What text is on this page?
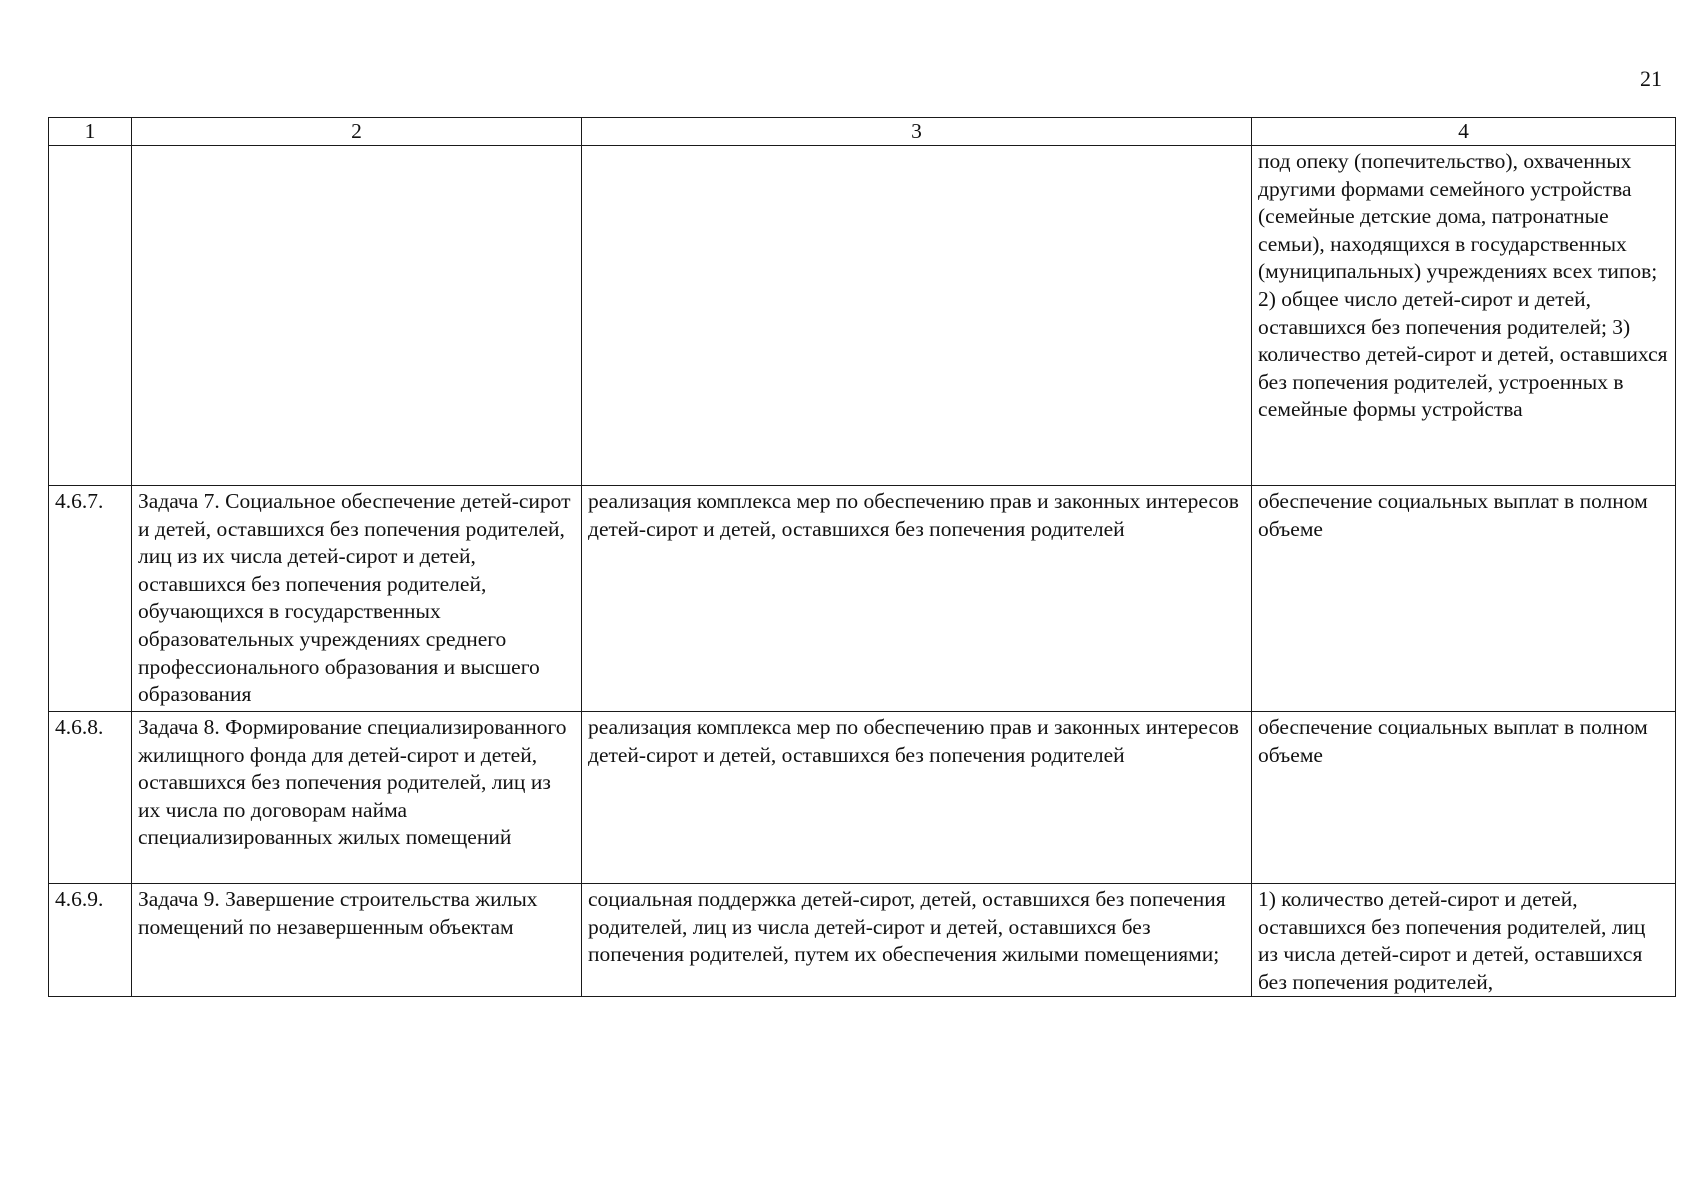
21
1	2	3	4
			под опеку (попечительство), охваченных другими формами семейного устройства (семейные детские дома, патронатные семьи), находящихся в государственных (муниципальных) учреждениях всех типов; 2) общее число детей-сирот и детей, оставшихся без попечения родителей; 3) количество детей-сирот и детей, оставшихся без попечения родителей, устроенных в семейные формы устройства
4.6.7.	Задача 7. Социальное обеспечение детей-сирот и детей, оставшихся без попечения родителей, лиц из их числа детей-сирот и детей, оставшихся без попечения родителей, обучающихся в государственных образовательных учреждениях среднего профессионального образования и высшего образования	реализация комплекса мер по обеспечению прав и законных интересов детей-сирот и детей, оставшихся без попечения родителей	обеспечение социальных выплат в полном объеме
4.6.8.	Задача 8. Формирование специализированного жилищного фонда для детей-сирот и детей, оставшихся без попечения родителей, лиц из их числа по договорам найма специализированных жилых помещений	реализация комплекса мер по обеспечению прав и законных интересов детей-сирот и детей, оставшихся без попечения родителей	обеспечение социальных выплат в полном объеме
4.6.9.	Задача 9. Завершение строительства жилых помещений по незавершенным объектам	социальная поддержка детей-сирот, детей, оставшихся без попечения родителей, лиц из числа детей-сирот и детей, оставшихся без попечения родителей, путем их обеспечения жилыми помещениями;	1) количество детей-сирот и детей, оставшихся без попечения родителей, лиц из числа детей-сирот и детей, оставшихся без попечения родителей,
